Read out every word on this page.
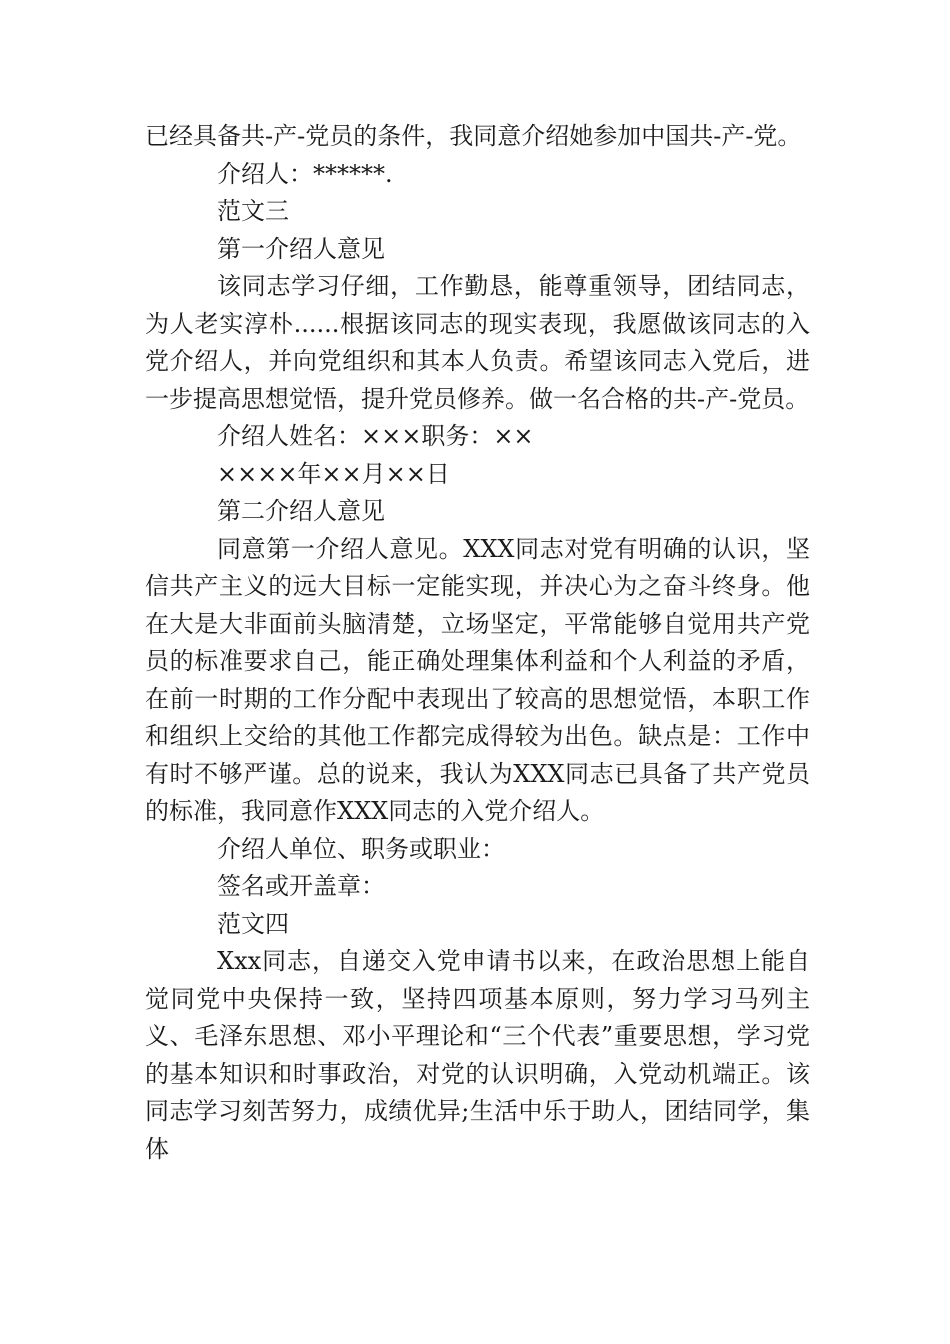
已经具备共-产-党员的条件，我同意介绍她参加中国共-产-党。

介绍人：******.

范文三

第一介绍人意见

该同志学习仔细，工作勤恳，能尊重领导，团结同志，为人老实淳朴......根据该同志的现实表现，我愿做该同志的入党介绍人，并向党组织和其本人负责。希望该同志入党后，进一步提高思想觉悟，提升党员修养。做一名合格的共-产-党员。

介绍人姓名：×××职务：××

××××年××月××日

第二介绍人意见

同意第一介绍人意见。XXX同志对党有明确的认识，坚信共产主义的远大目标一定能实现，并决心为之奋斗终身。他在大是大非面前头脑清楚，立场坚定，平常能够自觉用共产党员的标准要求自己，能正确处理集体利益和个人利益的矛盾，在前一时期的工作分配中表现出了较高的思想觉悟，本职工作和组织上交给的其他工作都完成得较为出色。缺点是：工作中有时不够严谨。总的说来，我认为XXX同志已具备了共产党员的标准，我同意作XXX同志的入党介绍人。

介绍人单位、职务或职业：

签名或开盖章：

范文四

Xxx同志，自递交入党申请书以来，在政治思想上能自觉同党中央保持一致，坚持四项基本原则，努力学习马列主义、毛泽东思想、邓小平理论和“三个代表”重要思想，学习党的基本知识和时事政治，对党的认识明确，入党动机端正。该同志学习刻苦努力，成绩优异;生活中乐于助人，团结同学，集体
